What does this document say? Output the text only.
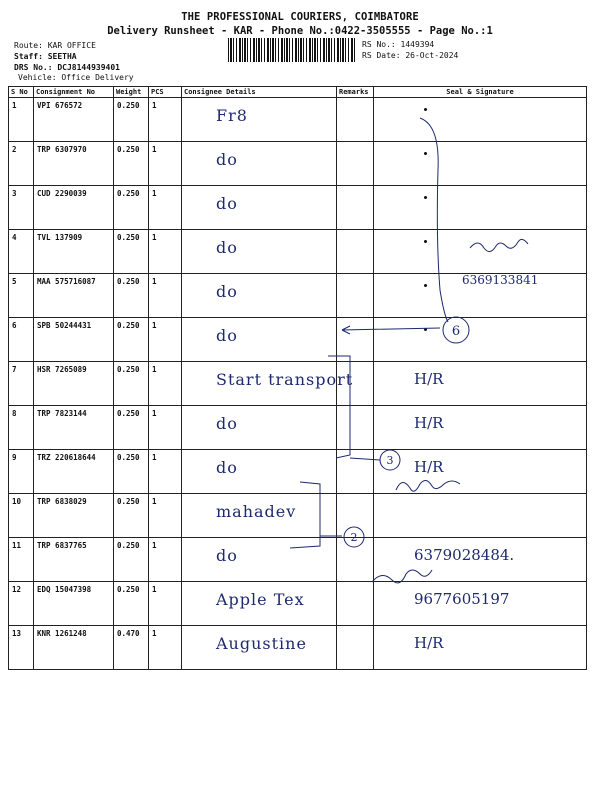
THE PROFESSIONAL COURIERS, COIMBATORE
Delivery Runsheet - KAR - Phone No.:0422-3505555 - Page No.:1
Route: KAR OFFICE
Staff: SEETHA
DRS No.: DCJ8144939401
Vehicle: Office Delivery
RS No.: 1449394
RS Date: 26-Oct-2024
S No	Consignment No	Weight	PCS	Consignee Details	Remarks	Seal & Signature
1	VPI 676572	0.250	1	Fr8		

2	TRP 6307970	0.250	1	do		

3	CUD 2290039	0.250	1	do		

4	TVL 137909	0.250	1	do		

5	MAA 575716087	0.250	1	do		

6	SPB 50244431	0.250	1	do		

7	HSR 7265089	0.250	1	Start transport		H/R

8	TRP 7823144	0.250	1	do		H/R

9	TRZ 220618644	0.250	1	do		H/R

10	TRP 6838029	0.250	1	mahadev		

11	TRP 6837765	0.250	1	do		6379028484.

12	EDQ 15047398	0.250	1	Apple Tex		9677605197

13	KNR 1261248	0.470	1	Augustine		H/R
6
3
2
6369133841
